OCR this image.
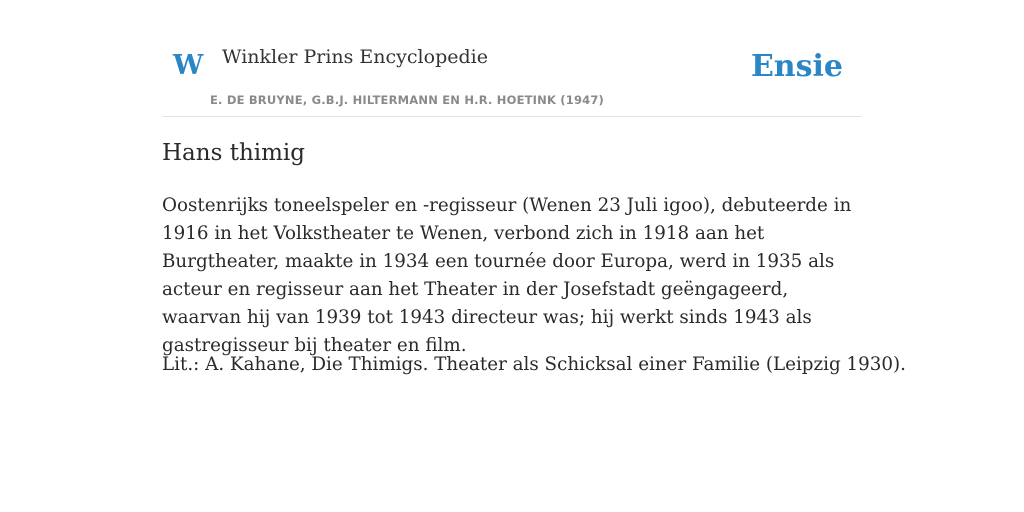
W Winkler Prins Encyclopedie
E. DE BRUYNE, G.B.J. HILTERMANN EN H.R. HOETINK (1947)
Ensie
Hans thimig

Oostenrijks toneelspeler en -regisseur (Wenen 23 Juli igoo), debuteerde in 1916 in het Volkstheater te Wenen, verbond zich in 1918 aan het Burgtheater, maakte in 1934 een tournée door Europa, werd in 1935 als acteur en regisseur aan het Theater in der Josefstadt geëngageerd, waarvan hij van 1939 tot 1943 directeur was; hij werkt sinds 1943 als gastregisseur bij theater en film.

Lit.: A. Kahane, Die Thimigs. Theater als Schicksal einer Familie (Leipzig 1930).
